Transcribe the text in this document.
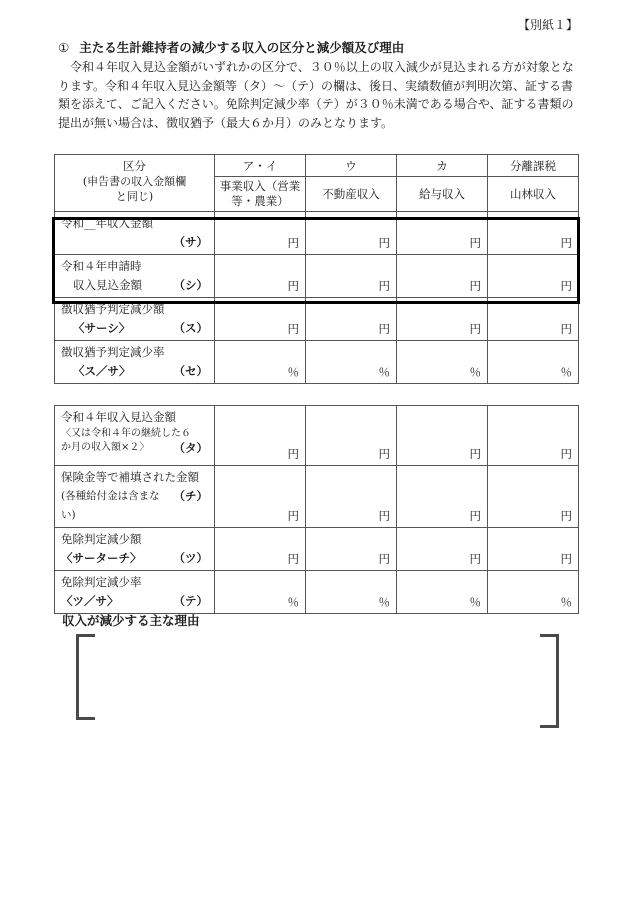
【別紙１】
① 主たる生計維持者の減少する収入の区分と減少額及び理由

令和４年収入見込金額がいずれかの区分で、３０％以上の収入減少が見込まれる方が対象となります。令和４年収入見込金額等（タ）～（テ）の欄は、後日、実績数値が判明次第、証する書類を添えて、ご記入ください。免除判定減少率（テ）が３０％未満である場合や、証する書類の提出が無い場合は、徴収猶予（最大６か月）のみとなります。

区分
(申告書の収入金額欄
と同じ)	ア・イ	ウ	カ	分離課税
	事業収入（営業等・農業）	不動産収入	給与収入	山林収入

令和__年収入金額
（サ）	円	円	円	円

令和４年申請時
収入見込金額 （シ）	円	円	円	円

徴収猶予判定減少額
〈サーシ〉 （ス）	円	円	円	円

徴収猶予判定減少率
〈ス／サ〉 （セ）	％	％	％	％
令和４年収入見込金額
〈又は令和４年の継続した６
か月の収入額×２〉 （タ）	円	円	円	円

保険金等で補填された金額
(各種給付金は含まない)
（チ）	円	円	円	円

免除判定減少額
〈サーターチ〉 （ツ）	円	円	円	円

免除判定減少率
〈ツ／サ〉 （テ）	％	％	％	％
収入が減少する主な理由
